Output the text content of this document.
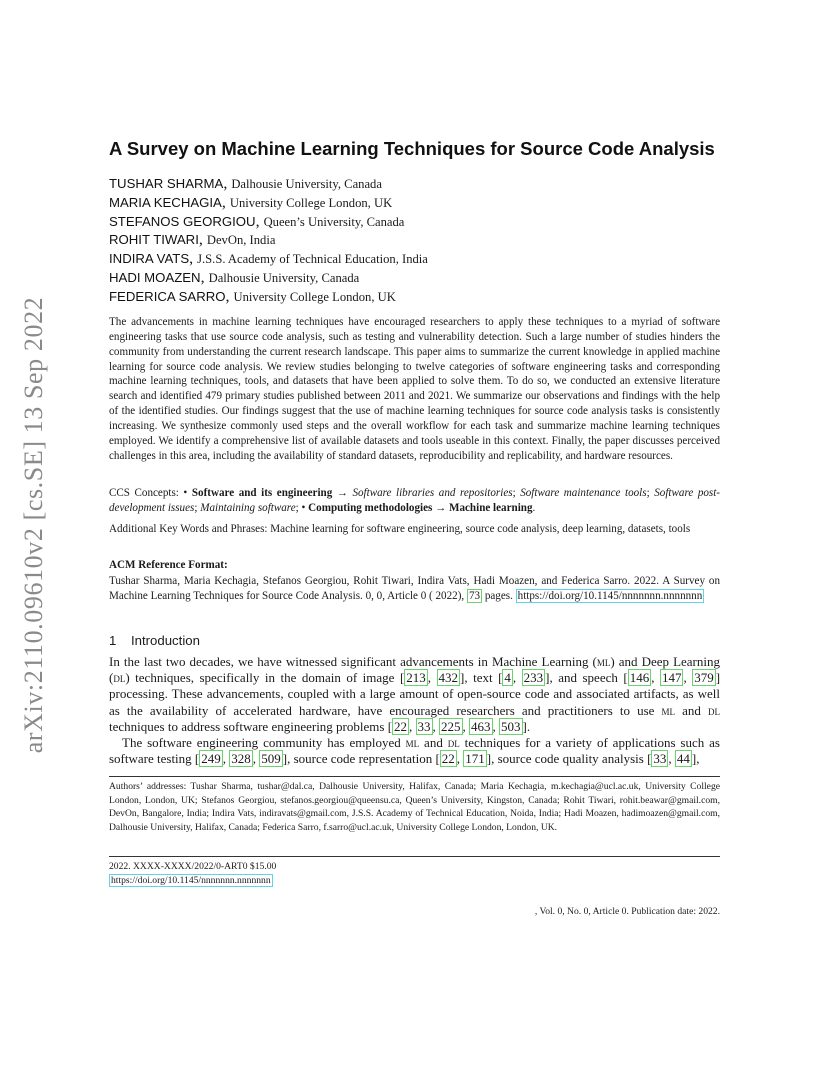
arXiv:2110.09610v2 [cs.SE] 13 Sep 2022
A Survey on Machine Learning Techniques for Source Code Analysis
TUSHAR SHARMA, Dalhousie University, Canada
MARIA KECHAGIA, University College London, UK
STEFANOS GEORGIOU, Queen’s University, Canada
ROHIT TIWARI, DevOn, India
INDIRA VATS, J.S.S. Academy of Technical Education, India
HADI MOAZEN, Dalhousie University, Canada
FEDERICA SARRO, University College London, UK

The advancements in machine learning techniques have encouraged researchers to apply these techniques to a myriad of software engineering tasks that use source code analysis, such as testing and vulnerability detection. Such a large number of studies hinders the community from understanding the current research landscape. This paper aims to summarize the current knowledge in applied machine learning for source code analysis. We review studies belonging to twelve categories of software engineering tasks and corresponding machine learning techniques, tools, and datasets that have been applied to solve them. To do so, we conducted an extensive literature search and identified 479 primary studies published between 2011 and 2021. We summarize our observations and findings with the help of the identified studies. Our findings suggest that the use of machine learning techniques for source code analysis tasks is consistently increasing. We synthesize commonly used steps and the overall workflow for each task and summarize machine learning techniques employed. We identify a comprehensive list of available datasets and tools useable in this context. Finally, the paper discusses perceived challenges in this area, including the availability of standard datasets, reproducibility and replicability, and hardware resources.

CCS Concepts: • Software and its engineering → Software libraries and repositories; Software maintenance tools; Software post-development issues; Maintaining software; • Computing methodologies → Machine learning.

Additional Key Words and Phrases: Machine learning for software engineering, source code analysis, deep learning, datasets, tools

ACM Reference Format:

Tushar Sharma, Maria Kechagia, Stefanos Georgiou, Rohit Tiwari, Indira Vats, Hadi Moazen, and Federica Sarro. 2022. A Survey on Machine Learning Techniques for Source Code Analysis. 0, 0, Article 0 ( 2022), 73 pages. https://doi.org/10.1145/nnnnnnn.nnnnnnn

1 Introduction

In the last two decades, we have witnessed significant advancements in Machine Learning (ml) and Deep Learning (dl) techniques, specifically in the domain of image [ 213 , 432 ], text [ 4 , 233 ], and speech [ 146 , 147 , 379 ] processing. These advancements, coupled with a large amount of open-source code and associated artifacts, as well as the availability of accelerated hardware, have encouraged researchers and practitioners to use ml and dl techniques to address software engineering problems [ 22 , 33 , 225 , 463 , 503 ].

The software engineering community has employed ml and dl techniques for a variety of applications such as software testing [ 249 , 328 , 509 ], source code representation [ 22 , 171 ], source code quality analysis [ 33 , 44 ],

Authors’ addresses: Tushar Sharma, tushar@dal.ca, Dalhousie University, Halifax, Canada; Maria Kechagia, m.kechagia@ucl.ac.uk, University College London, London, UK; Stefanos Georgiou, stefanos.georgiou@queensu.ca, Queen’s University, Kingston, Canada; Rohit Tiwari, rohit.beawar@gmail.com, DevOn, Bangalore, India; Indira Vats, indiravats@gmail.com, J.S.S. Academy of Technical Education, Noida, India; Hadi Moazen, hadimoazen@gmail.com, Dalhousie University, Halifax, Canada; Federica Sarro, f.sarro@ucl.ac.uk, University College London, London, UK.

2022. XXXX-XXXX/2022/0-ART0 $15.00

https://doi.org/10.1145/nnnnnnn.nnnnnnn

, Vol. 0, No. 0, Article 0. Publication date: 2022.
